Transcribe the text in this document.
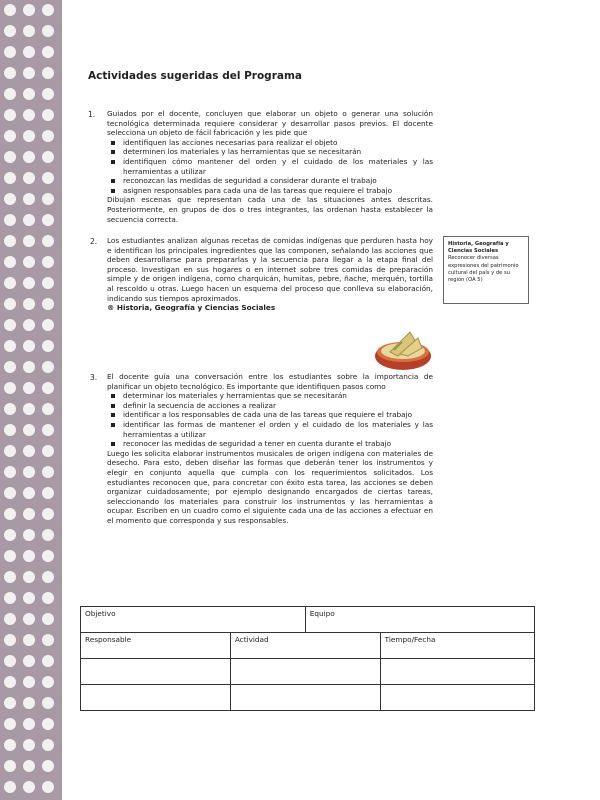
Actividades sugeridas del Programa
1. Guiados por el docente, concluyen que elaborar un objeto o generar una solución tecnológica determinada requiere considerar y desarrollar pasos previos. El docente selecciona un objeto de fácil fabricación y les pide que
identifiquen las acciones necesarias para realizar el objeto
determinen los materiales y las herramientas que se necesitarán
identifiquen cómo mantener del orden y el cuidado de los materiales y las herramientas a utilizar
reconozcan las medidas de seguridad a considerar durante el trabajo
asignen responsables para cada una de las tareas que requiere el trabajo
Dibujan escenas que representan cada una de las situaciones antes descritas. Posteriormente, en grupos de dos o tres integrantes, las ordenan hasta establecer la secuencia correcta.
2. Los estudiantes analizan algunas recetas de comidas indígenas que perduren hasta hoy e identifican los principales ingredientes que las componen, señalando las acciones que deben desarrollarse para prepararlas y la secuencia para llegar a la etapa final del proceso. Investigan en sus hogares o en internet sobre tres comidas de preparación simple y de origen indígena, como charquicán, humitas, pebre, ñache, merquén, tortilla al rescoldo u otras. Luego hacen un esquema del proceso que conlleva su elaboración, indicando sus tiempos aproximados.
® Historia, Geografía y Ciencias Sociales
3. El docente guía una conversación entre los estudiantes sobre la importancia de planificar un objeto tecnológico. Es importante que identifiquen pasos como
determinar los materiales y herramientas que se necesitarán
definir la secuencia de acciones a realizar
identificar a los responsables de cada una de las tareas que requiere el trabajo
identificar las formas de mantener el orden y el cuidado de los materiales y las herramientas a utilizar
reconocer las medidas de seguridad a tener en cuenta durante el trabajo
Luego les solicita elaborar instrumentos musicales de origen indígena con materiales de desecho. Para esto, deben diseñar las formas que deberán tener los instrumentos y elegir en conjunto aquella que cumpla con los requerimientos solicitados. Los estudiantes reconocen que, para concretar con éxito esta tarea, las acciones se deben organizar cuidadosamente; por ejemplo designando encargados de ciertas tareas, seleccionando los materiales para construir los instrumentos y las herramientas a ocupar. Escriben en un cuadro como el siguiente cada una de las acciones a efectuar en el momento que corresponda y sus responsables.
Historia, Geografía y Ciencias Sociales
Reconocer diversas expresiones del patrimonio cultural del país y de su región (OA 5)
Objetivo		Equipo	
Responsable	Actividad		Tiempo/Fecha
